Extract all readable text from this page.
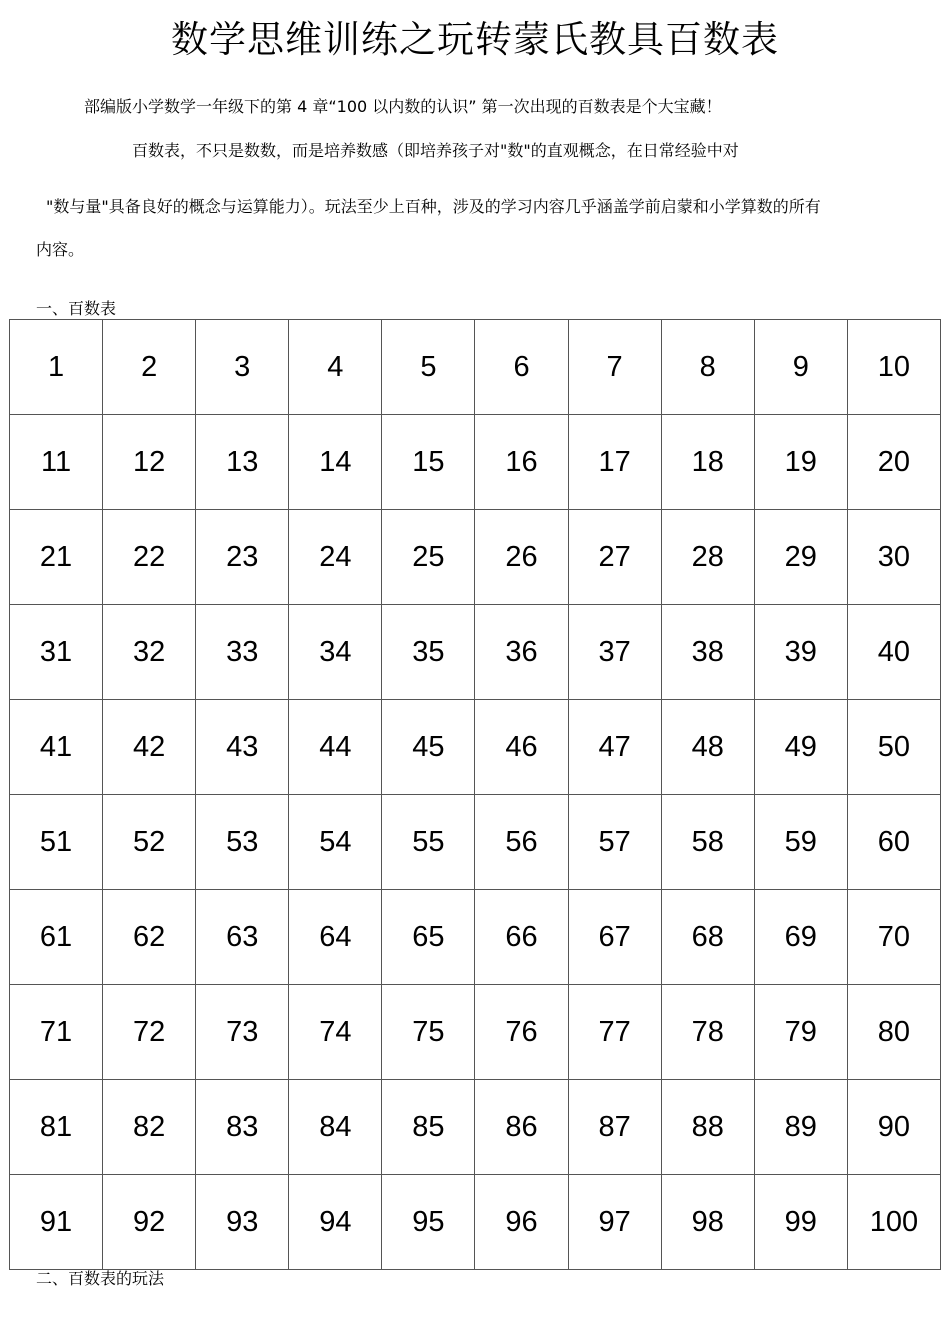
数学思维训练之玩转蒙氏教具百数表

部编版小学数学一年级下的第 4 章“100 以内数的认识” 第一次出现的百数表是个大宝藏！

百数表，不只是数数，而是培养数感（即培养孩子对"数"的直观概念，在日常经验中对

"数与量"具备良好的概念与运算能力）。玩法至少上百种，涉及的学习内容几乎涵盖学前启蒙和小学算数的所有

内容。

一、百数表

1	2	3	4	5	6	7	8	9	10
11	12	13	14	15	16	17	18	19	20
21	22	23	24	25	26	27	28	29	30
31	32	33	34	35	36	37	38	39	40
41	42	43	44	45	46	47	48	49	50
51	52	53	54	55	56	57	58	59	60
61	62	63	64	65	66	67	68	69	70
71	72	73	74	75	76	77	78	79	80
81	82	83	84	85	86	87	88	89	90
91	92	93	94	95	96	97	98	99	100

二、百数表的玩法
